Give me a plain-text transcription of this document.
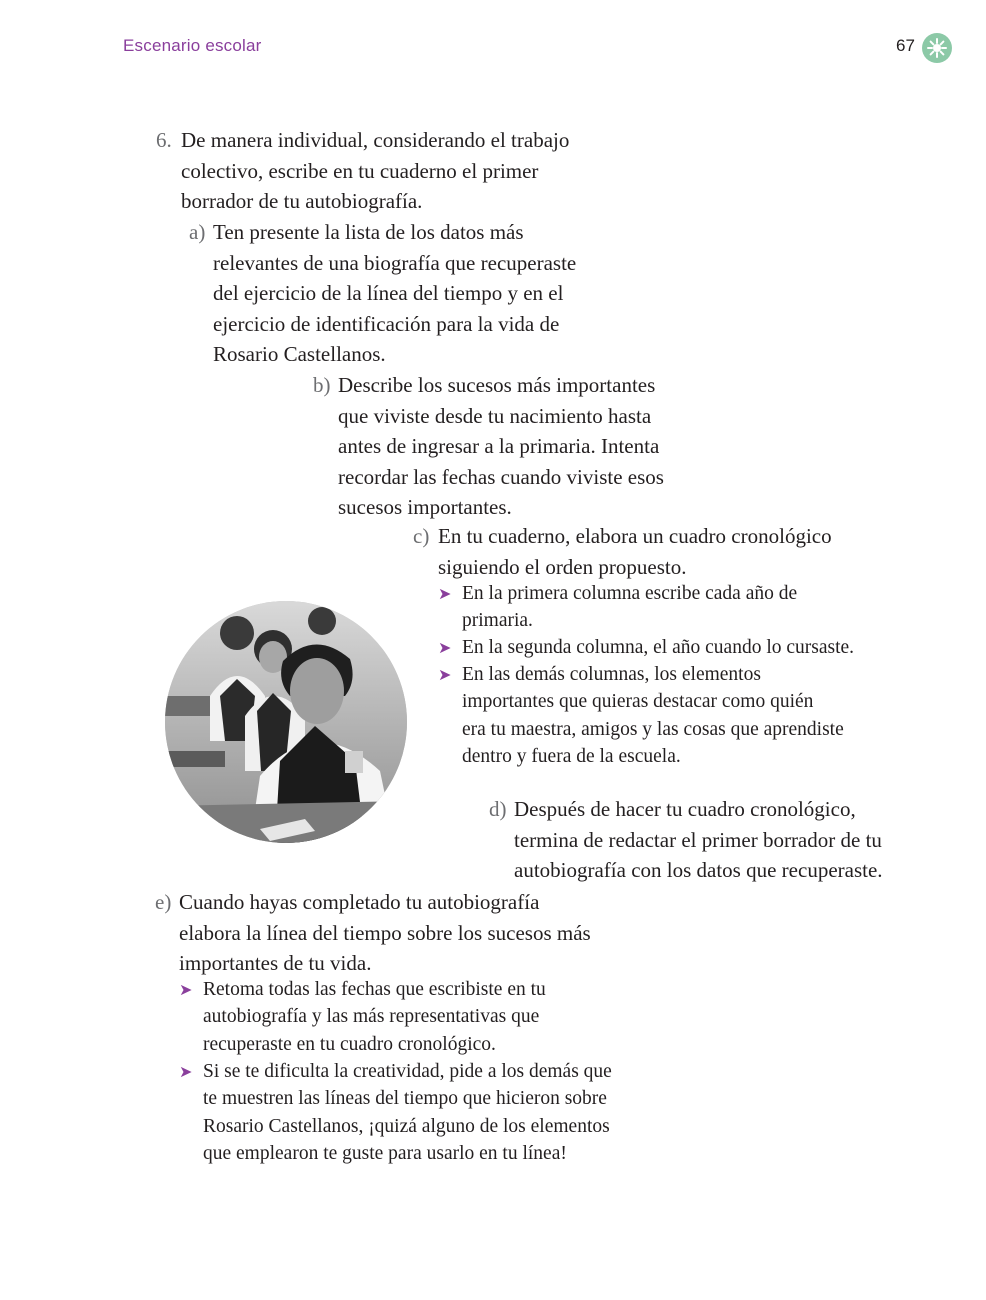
Escenario escolar	67
6. De manera individual, considerando el trabajo
colectivo, escribe en tu cuaderno el primer
borrador de tu autobiografía.
a) Ten presente la lista de los datos más
relevantes de una biografía que recuperaste
del ejercicio de la línea del tiempo y en el
ejercicio de identificación para la vida de
Rosario Castellanos.
b) Describe los sucesos más importantes
que viviste desde tu nacimiento hasta
antes de ingresar a la primaria. Intenta
recordar las fechas cuando viviste esos
sucesos importantes.
c) En tu cuaderno, elabora un cuadro cronológico
siguiendo el orden propuesto.
➤ En la primera columna escribe cada año de
primaria.
➤ En la segunda columna, el año cuando lo cursaste.
➤ En las demás columnas, los elementos
importantes que quieras destacar como quién
era tu maestra, amigos y las cosas que aprendiste
dentro y fuera de la escuela.
d) Después de hacer tu cuadro cronológico,
termina de redactar el primer borrador de tu
autobiografía con los datos que recuperaste.
e) Cuando hayas completado tu autobiografía
elabora la línea del tiempo sobre los sucesos más
importantes de tu vida.
➤ Retoma todas las fechas que escribiste en tu
autobiografía y las más representativas que
recuperaste en tu cuadro cronológico.
➤ Si se te dificulta la creatividad, pide a los demás que
te muestren las líneas del tiempo que hicieron sobre
Rosario Castellanos, ¡quizá alguno de los elementos
que emplearon te guste para usarlo en tu línea!
